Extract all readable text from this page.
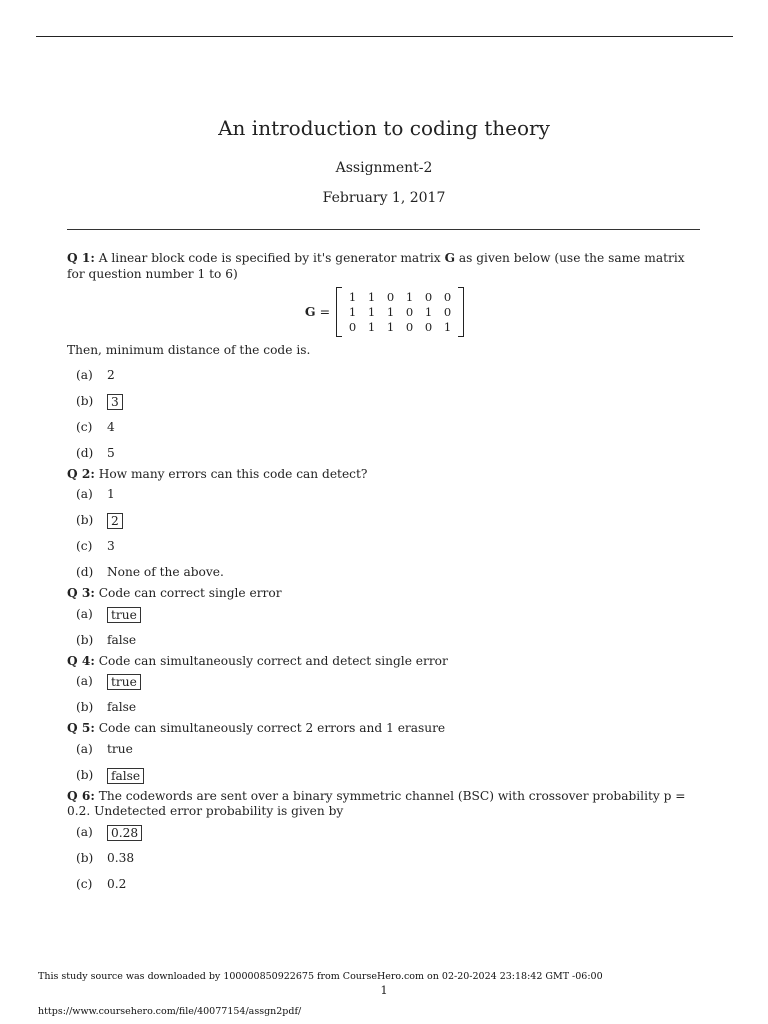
An introduction to coding theory
Assignment-2
February 1, 2017

Q 1: A linear block code is specified by it's generator matrix G as given below (use the same matrix for question number 1 to 6)

G =
1	1	0	1	0	0
1	1	1	0	1	0
0	1	1	0	0	1

Then, minimum distance of the code is.

(a)	2
(b)	3
(c)	4
(d)	5

Q 2: How many errors can this code can detect?

(a)	1
(b)	2
(c)	3
(d)	None of the above.

Q 3: Code can correct single error

(a)	true
(b)	false

Q 4: Code can simultaneously correct and detect single error

(a)	true
(b)	false

Q 5: Code can simultaneously correct 2 errors and 1 erasure

(a)	true
(b)	false

Q 6: The codewords are sent over a binary symmetric channel (BSC) with crossover probability p = 0.2. Undetected error probability is given by

(a)	0.28
(b)	0.38
(c)	0.2
This study source was downloaded by 100000850922675 from CourseHero.com on 02-20-2024 23:18:42 GMT -06:00
1
https://www.coursehero.com/file/40077154/assgn2pdf/
